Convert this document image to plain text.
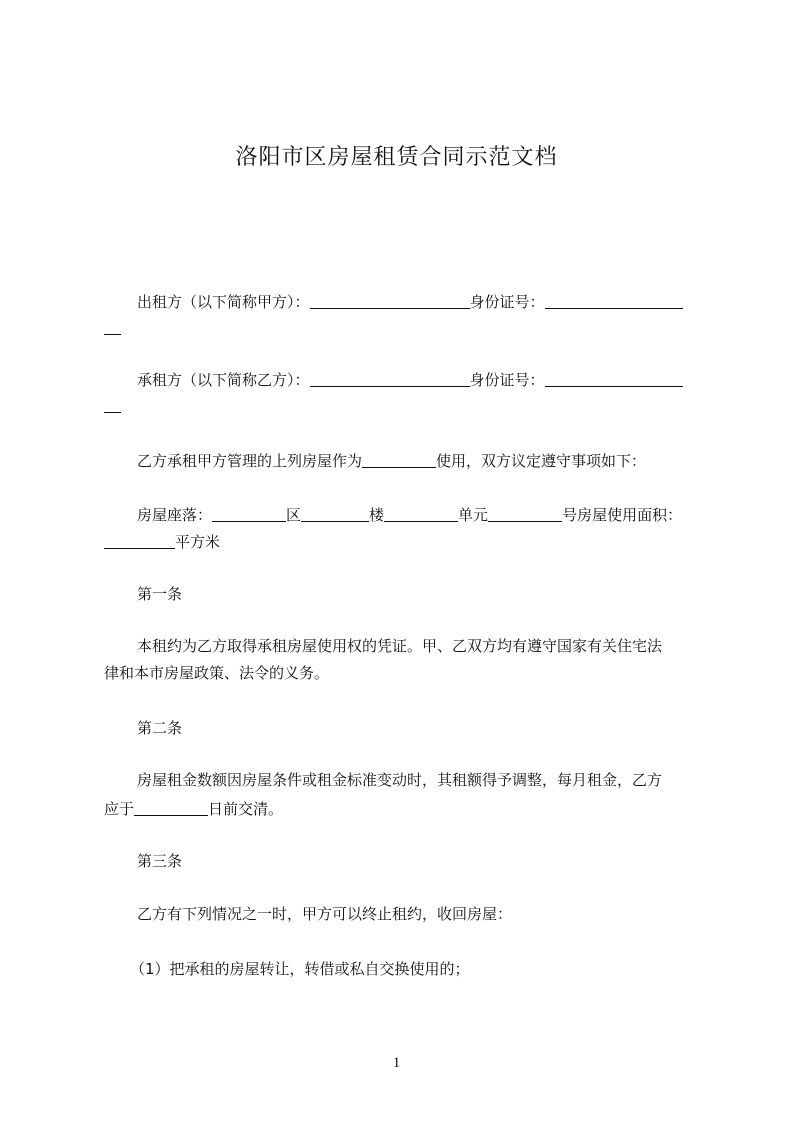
洛阳市区房屋租赁合同示范文档
出租方（以下简称甲方）：	身份证号：
承租方（以下简称乙方）：	身份证号：
乙方承租甲方管理的上列房屋作为	使用，双方议定遵守事项如下：
房屋座落：	区	楼	单元	号房屋使用面积：
平方米
第一条
本租约为乙方取得承租房屋使用权的凭证。甲、乙双方均有遵守国家有关住宅法
律和本市房屋政策、法令的义务。
第二条
房屋租金数额因房屋条件或租金标准变动时，其租额得予调整，每月租金，乙方
应于	日前交清。
第三条
乙方有下列情况之一时，甲方可以终止租约，收回房屋：
（1）把承租的房屋转让，转借或私自交换使用的；
1
